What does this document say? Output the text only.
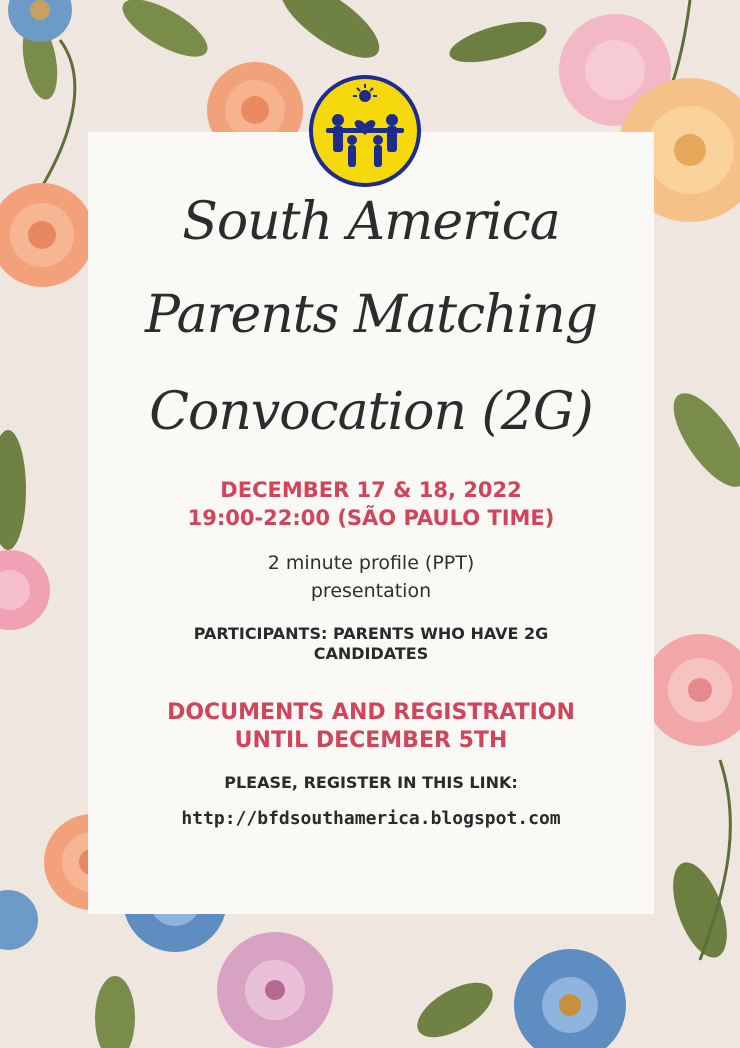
South America
Parents Matching
Convocation (2G)
DECEMBER 17 & 18, 2022
19:00-22:00 (SÃO PAULO TIME)
2 minute profile (PPT)
presentation
PARTICIPANTS: PARENTS WHO HAVE 2G
CANDIDATES
DOCUMENTS AND REGISTRATION
UNTIL DECEMBER 5TH
PLEASE, REGISTER IN THIS LINK:
http://bfdsouthamerica.blogspot.com
